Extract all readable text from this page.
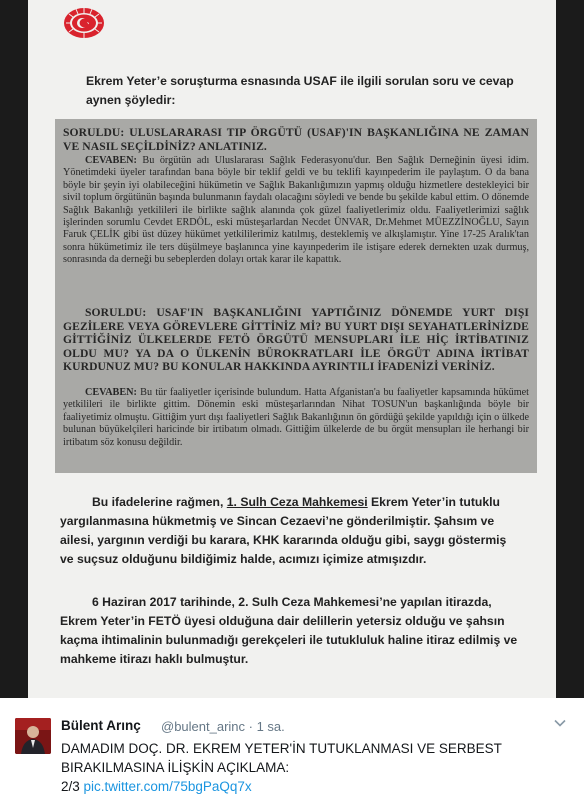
Ekrem Yeter’e soruşturma esnasında USAF ile ilgili sorulan soru ve cevap aynen şöyledir:
SORULDU: ULUSLARARASI TIP ÖRGÜTÜ (USAF)'IN BAŞKANLIĞINA NE ZAMAN VE NASIL SEÇİLDİNİZ? ANLATINIZ.
CEVABEN: Bu örgütün adı Uluslararası Sağlık Federasyonu'dur. Ben Sağlık Derneğinin üyesi idim. Yönetimdeki üyeler tarafından bana böyle bir teklif geldi ve bu teklifi kayınpederim ile paylaştım. O da bana böyle bir şeyin iyi olabileceğini hükümetin ve Sağlık Bakanlığımızın yapmış olduğu hizmetlere destekleyici bir sivil toplum örgütünün başında bulunmanın faydalı olacağını söyledi ve bende bu şekilde kabul ettim. O dönemde Sağlık Bakanlığı yetkilileri ile birlikte sağlık alanında çok güzel faaliyetlerimiz oldu. Faaliyetlerimizi sağlık işlerinden sorumlu Cevdet ERDÖL, eski müsteşarlardan Necdet ÜNVAR, Dr.Mehmet MÜEZZİNOĞLU, Sayın Faruk ÇELİK gibi üst düzey hükümet yetkililerimiz katılmış, desteklemiş ve alkışlamıştır. Yine 17-25 Aralık'tan sonra hükümetimiz ile ters düşülmeye başlanınca yine kayınpederim ile istişare ederek dernekten uzak durmuş, sonrasında da derneği bu sebeplerden dolayı ortak karar ile kapattık.
SORULDU: USAF'IN BAŞKANLIĞINI YAPTIĞINIZ DÖNEMDE YURT DIŞI GEZİLERE VEYA GÖREVLERE GİTTİNİZ Mİ? BU YURT DIŞI SEYAHATLERİNİZDE GİTTİĞİNİZ ÜLKELERDE FETÖ ÖRGÜTÜ MENSUPLARI İLE HİÇ İRTİBATINIZ OLDU MU? YA DA O ÜLKENİN BÜROKRATLARI İLE ÖRGÜT ADINA İRTİBAT KURDUNUZ MU? BU KONULAR HAKKINDA AYRINTILI İFADENİZİ VERİNİZ.
CEVABEN: Bu tür faaliyetler içerisinde bulundum. Hatta Afganistan'a bu faaliyetler kapsamında hükümet yetkilileri ile birlikte gittim. Dönemin eski müsteşarlarından Nihat TOSUN'un başkanlığında böyle bir faaliyetimiz olmuştu. Gittiğim yurt dışı faaliyetleri Sağlık Bakanlığının ön gördüğü şekilde yapıldığı için o ülkede bulunan büyükelçileri haricinde bir irtibatım olmadı. Gittiğim ülkelerde de bu örgüt mensupları ile herhangi bir irtibatım söz konusu değildir.
Bu ifadelerine rağmen, 1. Sulh Ceza Mahkemesi Ekrem Yeter’in tutuklu yargılanmasına hükmetmiş ve Sincan Cezaevi’ne gönderilmiştir. Şahsım ve ailesi, yargının verdiği bu karara, KHK kararında olduğu gibi, saygı göstermiş ve suçsuz olduğunu bildiğimiz halde, acımızı içimize atmışızdır.
6 Haziran 2017 tarihinde, 2. Sulh Ceza Mahkemesi’ne yapılan itirazda, Ekrem Yeter’in FETÖ üyesi olduğuna dair delillerin yetersiz olduğu ve şahsın kaçma ihtimalinin bulunmadığı gerekçeleri ile tutukluluk haline itiraz edilmiş ve mahkeme itirazı haklı bulmuştur.
Bülent Arınç @bulent_arinc · 1 sa.
DAMADIM DOÇ. DR. EKREM YETER'İN TUTUKLANMASI VE SERBEST
BIRAKILMASINA İLİŞKİN AÇIKLAMA:
2/3 pic.twitter.com/75bgPaQq7x
